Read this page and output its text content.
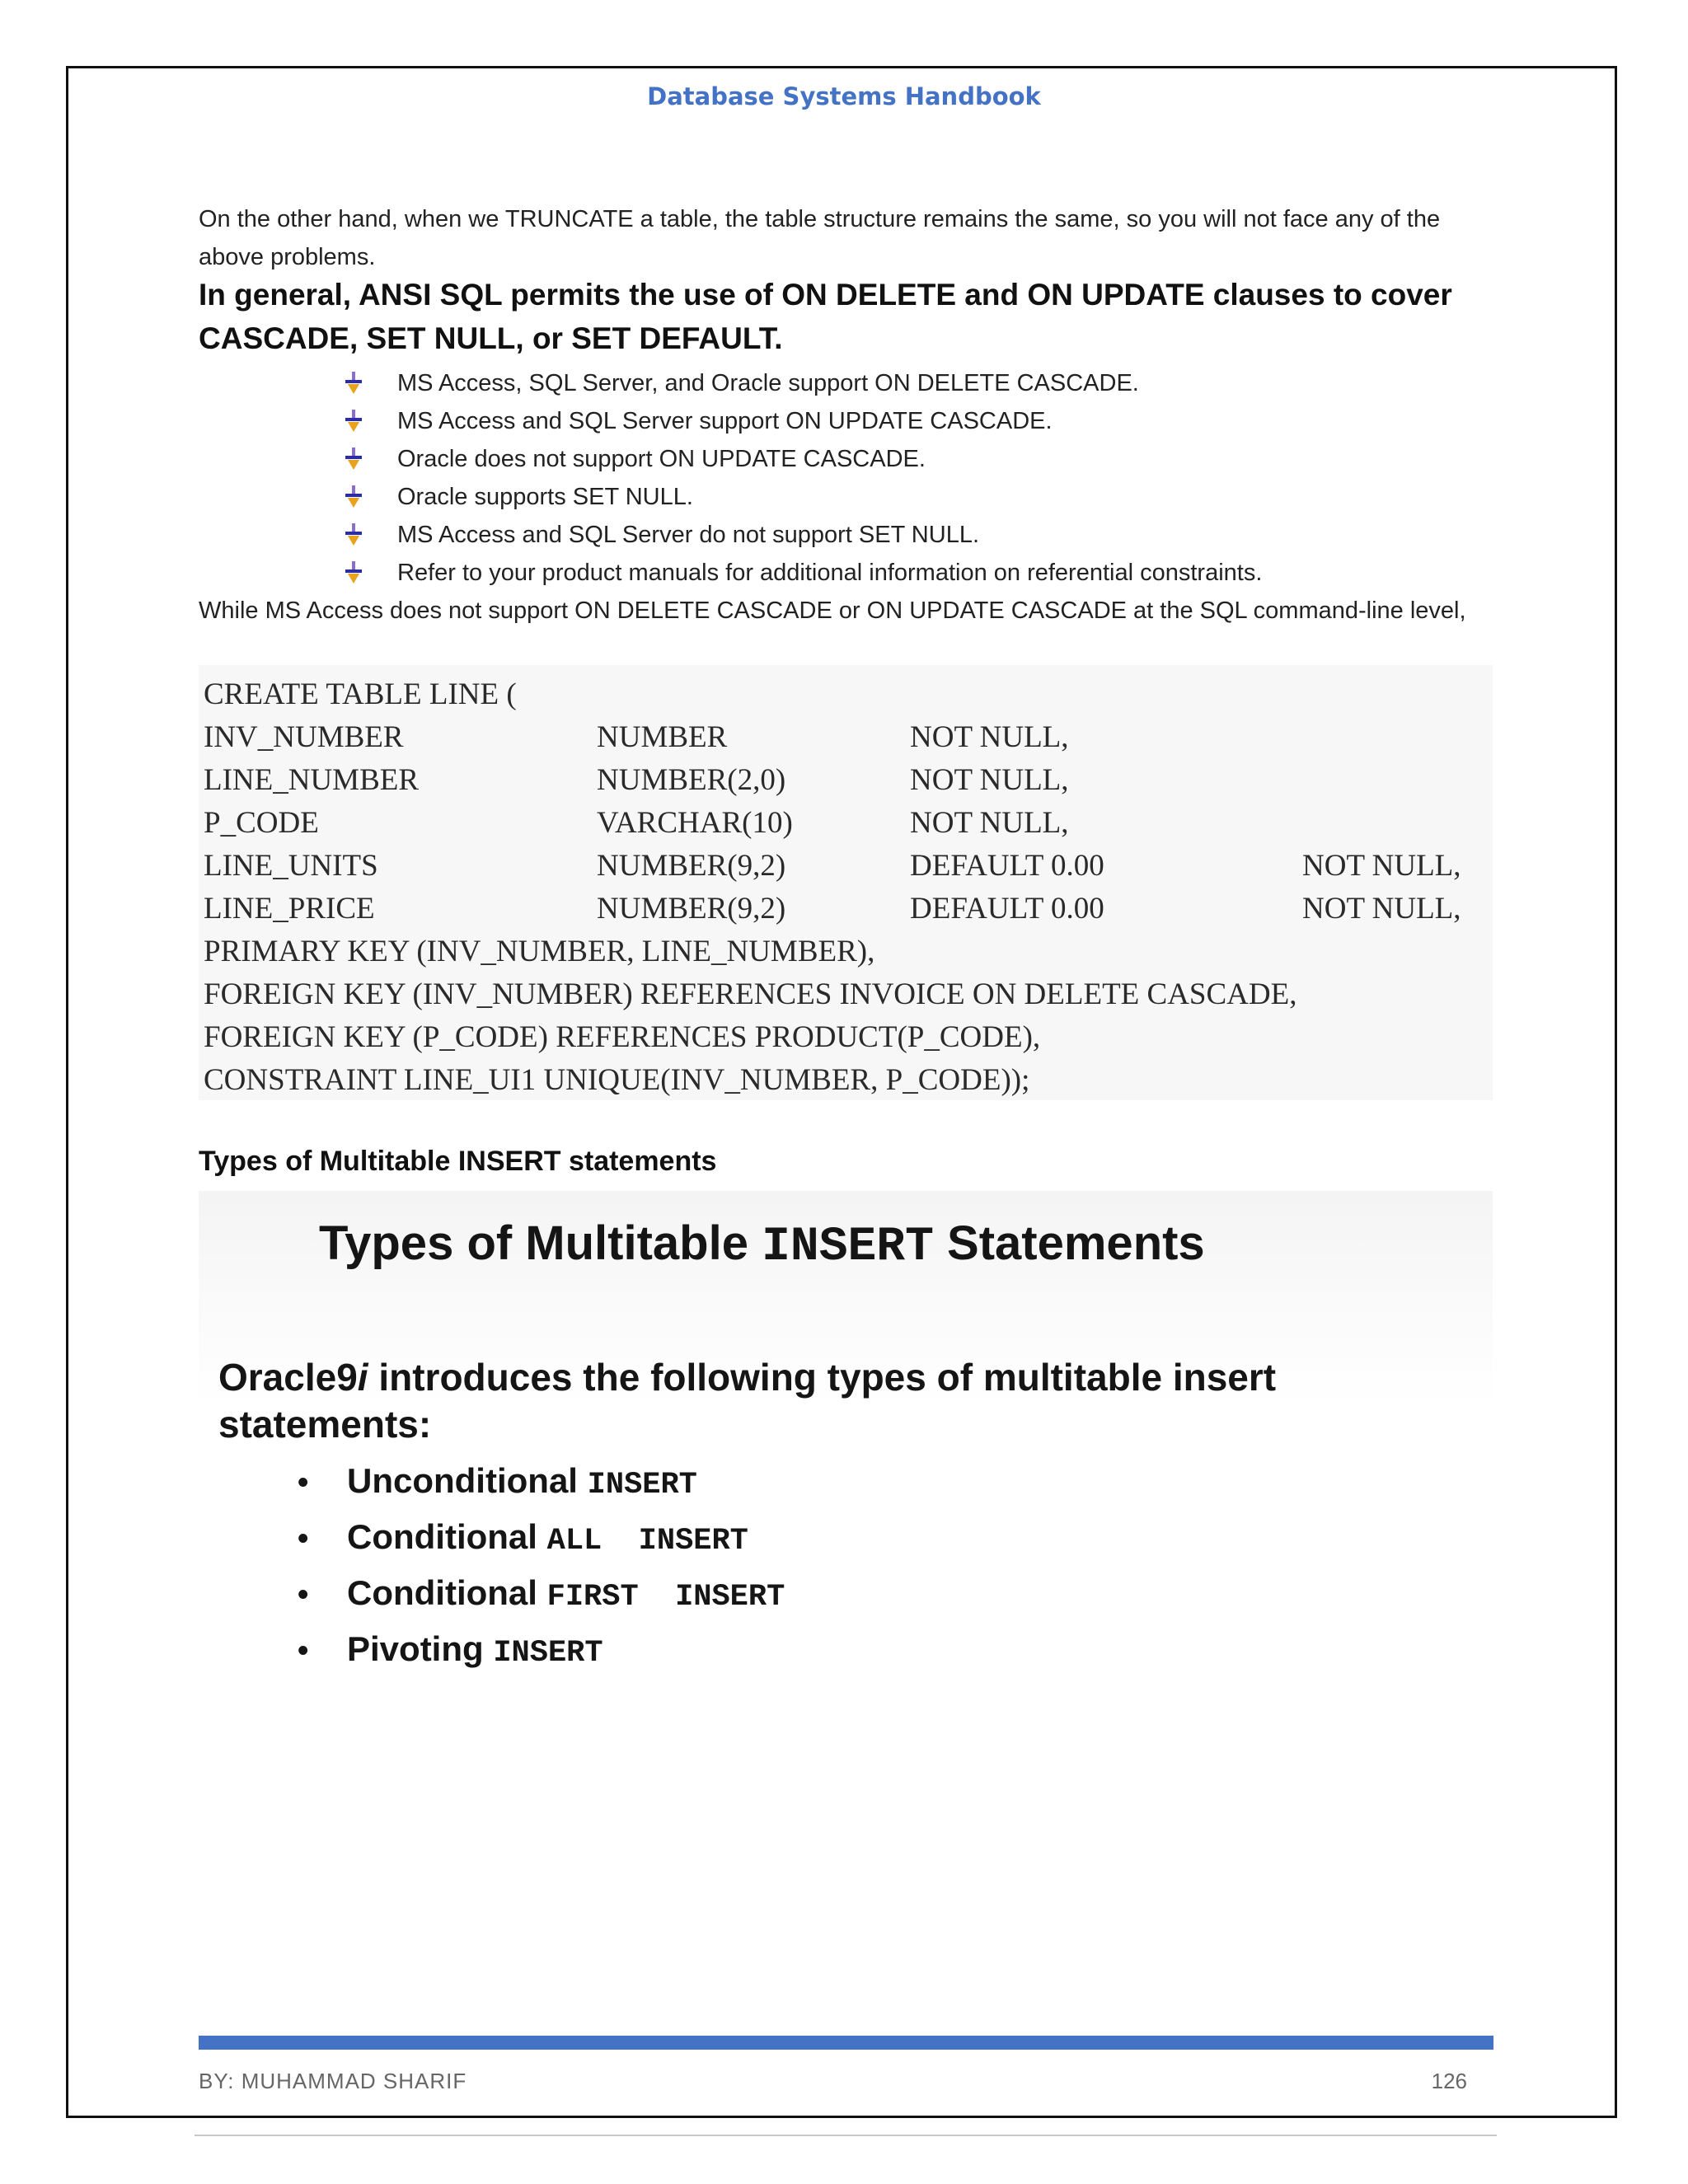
Database Systems Handbook
On the other hand, when we TRUNCATE a table, the table structure remains the same, so you will not face any of the above problems.
In general, ANSI SQL permits the use of ON DELETE and ON UPDATE clauses to cover CASCADE, SET NULL, or SET DEFAULT.
MS Access, SQL Server, and Oracle support ON DELETE CASCADE.
MS Access and SQL Server support ON UPDATE CASCADE.
Oracle does not support ON UPDATE CASCADE.
Oracle supports SET NULL.
MS Access and SQL Server do not support SET NULL.
Refer to your product manuals for additional information on referential constraints.
While MS Access does not support ON DELETE CASCADE or ON UPDATE CASCADE at the SQL command-line level,
CREATE TABLE LINE (
INV_NUMBER	NUMBER	NOT NULL,
LINE_NUMBER	NUMBER(2,0)	NOT NULL,
P_CODE	VARCHAR(10)	NOT NULL,
LINE_UNITS	NUMBER(9,2)	DEFAULT 0.00	NOT NULL,
LINE_PRICE	NUMBER(9,2)	DEFAULT 0.00	NOT NULL,
PRIMARY KEY (INV_NUMBER, LINE_NUMBER),
FOREIGN KEY (INV_NUMBER) REFERENCES INVOICE ON DELETE CASCADE,
FOREIGN KEY (P_CODE) REFERENCES PRODUCT(P_CODE),
CONSTRAINT LINE_UI1 UNIQUE(INV_NUMBER, P_CODE));
Types of Multitable INSERT statements
Types of Multitable INSERT Statements
Oracle9i introduces the following types of multitable insert statements:
• Unconditional INSERT
• Conditional ALL  INSERT
• Conditional FIRST  INSERT
• Pivoting INSERT
BY: MUHAMMAD SHARIF	126
